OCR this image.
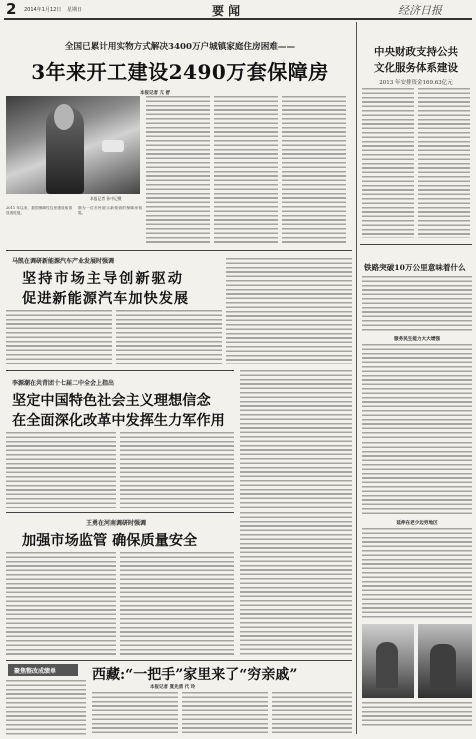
2 2014年1月12日 星期日	要 闻	经济日报
全国已累计用实物方式解决3400万户城镇家庭住房困难——
3年来开工建设2490万套保障房
本报记者 亢 舒
本报记者 孙中记摄
2011 年以来，我国保障性住房建设取得显著进展。
图为一位市民展示新领到的保障房钥匙。
中央财政支持公共
文化服务体系建设
2013 年安排资金169.63亿元
铁路突破10万公里意味着什么
服务民生能力大大增强
延伸在老少边穷地区
马凯在调研新能源汽车产业发展时强调
坚持市场主导创新驱动
促进新能源汽车加快发展
李源潮在共青团十七届二中全会上指出
坚定中国特色社会主义理想信念
在全面深化改革中发挥生力军作用
王勇在河南调研时强调
加强市场监管 确保质量安全
聚焦整改成绩单	西藏:“一把手”家里来了“穷亲戚”
本报记者 夏先清 代 玲
